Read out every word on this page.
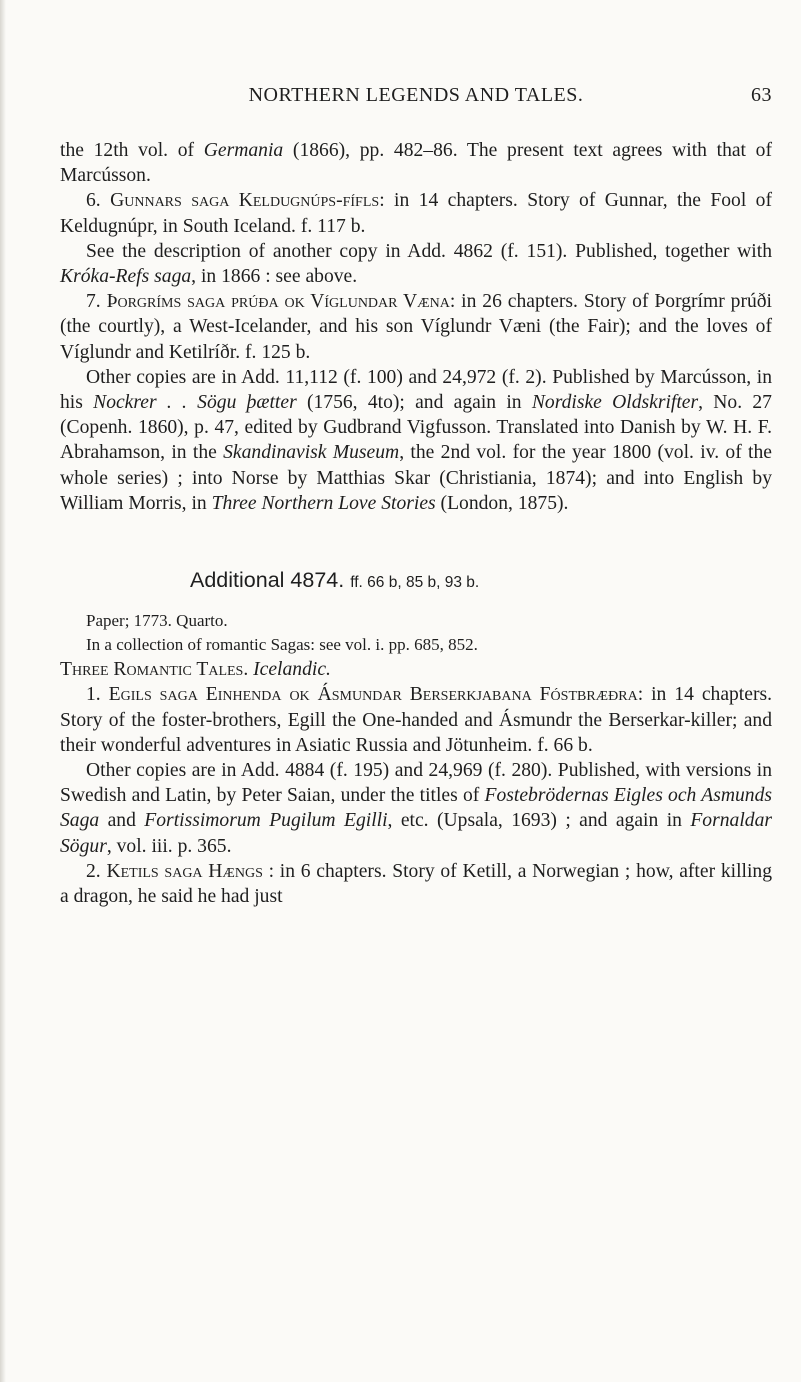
NORTHERN LEGENDS AND TALES.	63

the 12th vol. of Germania (1866), pp. 482–86. The present text agrees with that of Marcússon.

6. Gunnars saga Keldugnúps-fífls: in 14 chapters. Story of Gunnar, the Fool of Keldugnúpr, in South Iceland. f. 117 b.

See the description of another copy in Add. 4862 (f. 151). Published, together with Króka-Refs saga, in 1866 : see above.

7. Þorgríms saga prúða ok Víglundar Væna: in 26 chapters. Story of Þorgrímr prúði (the courtly), a West-Icelander, and his son Víglundr Væni (the Fair); and the loves of Víglundr and Ketilríðr. f. 125 b.

Other copies are in Add. 11,112 (f. 100) and 24,972 (f. 2). Published by Marcússon, in his Nockrer . . Sögu þætter (1756, 4to); and again in Nordiske Oldskrifter, No. 27 (Copenh. 1860), p. 47, edited by Gudbrand Vigfusson. Translated into Danish by W. H. F. Abrahamson, in the Skandinavisk Museum, the 2nd vol. for the year 1800 (vol. iv. of the whole series) ; into Norse by Matthias Skar (Christiania, 1874); and into English by William Morris, in Three Northern Love Stories (London, 1875).

Additional 4874. ff. 66 b, 85 b, 93 b.

Paper; 1773. Quarto.

In a collection of romantic Sagas: see vol. i. pp. 685, 852.

Three Romantic Tales. Icelandic.

1. Egils saga Einhenda ok Ásmundar Berserkjabana Fóstbræðra: in 14 chapters. Story of the foster-brothers, Egill the One-handed and Ásmundr the Berserkar-killer; and their wonderful adventures in Asiatic Russia and Jötunheim. f. 66 b.

Other copies are in Add. 4884 (f. 195) and 24,969 (f. 280). Published, with versions in Swedish and Latin, by Peter Saian, under the titles of Fostebrödernas Eigles och Asmunds Saga and Fortissimorum Pugilum Egilli, etc. (Upsala, 1693) ; and again in Fornaldar Sögur, vol. iii. p. 365.

2. Ketils saga Hængs : in 6 chapters. Story of Ketill, a Norwegian ; how, after killing a dragon, he said he had just
